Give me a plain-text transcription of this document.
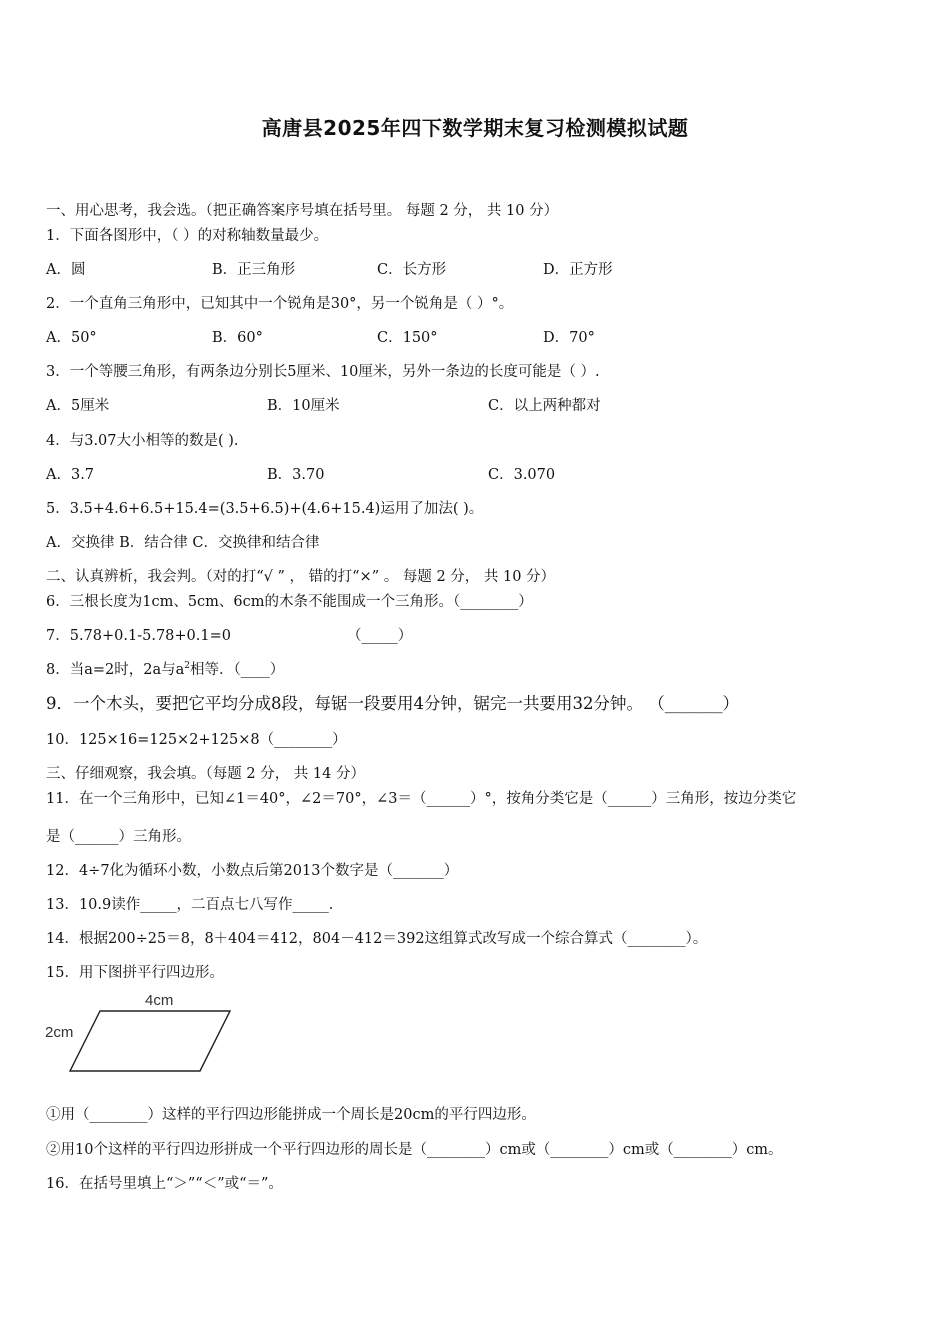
高唐县2025年四下数学期末复习检测模拟试题
一、用心思考，我会选。（把正确答案序号填在括号里。 每题 2 分， 共 10 分）
1．下面各图形中，（ ）的对称轴数量最少。
A．圆	B．正三角形	C．长方形	D．正方形
2．一个直角三角形中，已知其中一个锐角是30°，另一个锐角是（ ）°。
A．50°	B．60°	C．150°	D．70°
3．一个等腰三角形，有两条边分别长5厘米、10厘米，另外一条边的长度可能是（ ）.
A．5厘米	B．10厘米	C．以上两种都对
4．与3.07大小相等的数是( ).
A．3.7	B．3.70	C．3.070
5．3.5+4.6+6.5+15.4=(3.5+6.5)+(4.6+15.4)运用了加法( )。
A．交换律 B．结合律 C．交换律和结合律
二、认真辨析，我会判。（对的打“√ ” ， 错的打“×” 。 每题 2 分， 共 10 分）
6．三根长度为1cm、5cm、6cm的木条不能围成一个三角形。（________）
7．5.78+0.1-5.78+0.1=0	（_____）
8．当a=2时，2a与$a^2$相等．（____）
9．一个木头，要把它平均分成8段，每锯一段要用4分钟，锯完一共要用32分钟。 （_______）
10．125×16=125×2+125×8（________）
三、仔细观察，我会填。（每题 2 分， 共 14 分）
11．在一个三角形中，已知∠1＝40°，∠2＝70°，∠3＝（______）°，按角分类它是（______）三角形，按边分类它
是（______）三角形。
12．4÷7化为循环小数，小数点后第2013个数字是（_______）
13．10.9读作_____，二百点七八写作_____.
14．根据200÷25＝8，8＋404＝412，804－412＝392这组算式改写成一个综合算式（________）。
15．用下图拼平行四边形。
4cm
2cm
①用（________）这样的平行四边形能拼成一个周长是20cm的平行四边形。
②用10个这样的平行四边形拼成一个平行四边形的周长是（________）cm或（________）cm或（________）cm。
16．在括号里填上“＞”“＜”或“＝”。
